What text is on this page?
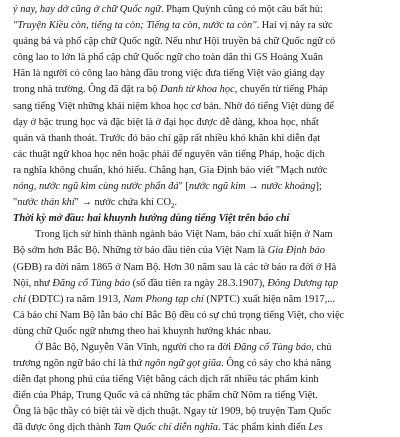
ý nay, hay dở cũng ở chữ Quốc ngữ. Phạm Quỳnh cũng có một câu bất hủ:
"Truyện Kiều còn, tiếng ta còn; Tiếng ta còn, nước ta còn". Hai vị này ra sức
quảng bá và phổ cập chữ Quốc ngữ. Nếu như Hội truyền bá chữ Quốc ngữ có
công lao to lớn là phổ cập chữ Quốc ngữ cho toàn dân thì GS Hoàng Xuân
Hãn là người có công lao hàng đầu trong việc đưa tiếng Việt vào giảng dạy
trong nhà trường. Ông đã đặt ra bộ Danh từ khoa học, chuyển từ tiếng Pháp
sang tiếng Việt những khái niệm khoa học cơ bản. Nhờ đó tiếng Việt dùng để
dạy ở bậc trung học và đặc biệt là ở đại học được dễ dàng, khoa học, nhất
quán và thanh thoát. Trước đó báo chí gặp rất nhiều khó khăn khi diễn đạt
các thuật ngữ khoa học nên hoặc phải để nguyên văn tiếng Pháp, hoặc dịch
ra nghĩa không chuẩn, khó hiểu. Chẳng hạn, Gia Định báo viết "Mạch nước
nóng, nước ngũ kim cùng nước phẩn đá" [nước ngũ kim → nước khoáng];
"nước thán khí" → nước chứa khí $CO_2$.
Thời kỳ mở đầu: hai khuynh hướng dùng tiếng Việt trên báo chí
Trong lịch sử hình thành ngành báo Việt Nam, báo chí xuất hiện ở Nam
Bộ sớm hơn Bắc Bộ. Những tờ báo đầu tiên của Việt Nam là Gia Định báo
(GĐB) ra đời năm 1865 ở Nam Bộ. Hơn 30 năm sau là các tờ báo ra đời ở Hà
Nội, như Đăng cổ Tùng báo (số đầu tiên ra ngày 28.3.1907), Đông Dương tạp
chí (ĐDTC) ra năm 1913, Nam Phong tạp chí (NPTC) xuất hiện năm 1917,...
Cả báo chí Nam Bộ lẫn báo chí Bắc Bộ đều có sự chú trọng tiếng Việt, cho việc
dùng chữ Quốc ngữ nhưng theo hai khuynh hướng khác nhau.
Ở Bắc Bộ, Nguyễn Văn Vĩnh, người cho ra đời Đăng cổ Tùng báo, chủ
trương ngôn ngữ báo chí là thứ ngôn ngữ gọt giũa. Ông có sáy cho khả năng
diễn đạt phong phú của tiếng Việt bằng cách dịch rất nhiều tác phẩm kinh
điển của Pháp, Trung Quốc và cả những tác phẩm chữ Nôm ra tiếng Việt.
Ông là bậc thầy có biệt tài về dịch thuật. Ngay từ 1909, bộ truyện Tam Quốc
đã được ông dịch thành Tam Quốc chí diễn nghĩa. Tác phẩm kinh điển Les
